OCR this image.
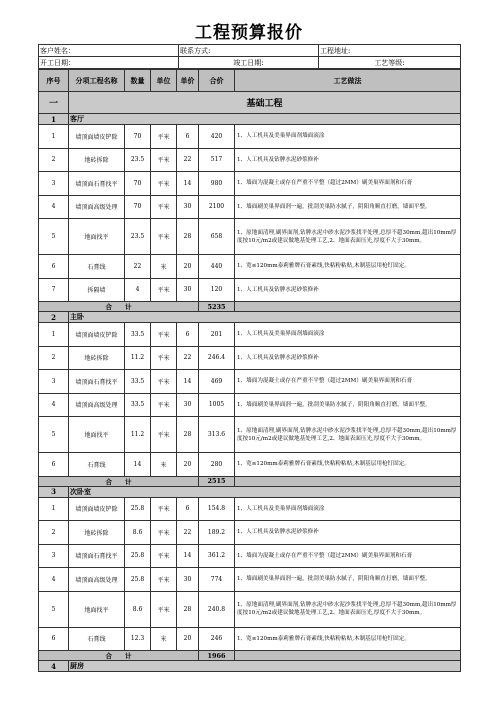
工程预算报价
客户姓名：	联系方式:	工程地址:
开工日期：	竣工日期:	工艺等级:
序号	分项工程名称	数量	单位	单价	合价	工艺做法
一	基础工程					
1	客厅					
1	墙顶面墙皮铲除	70	平米	6	420	1、人工机具及美巢界面剂墙面滚涂
2	地砖拆除	23.5	平米	22	517	1、人工机具及钻脾水泥砂浆修补
3	墙顶面石膏找平	70	平米	14	980	1、墙面为混凝土或存在严重不平整（超过2MM）刷美巢界面剂和石膏
4	墙顶面高级处理	70	平米	30	2100	1、墙面刷美巢界面剂一遍，批刮美巢防水腻子，阴阳角顺直打磨，墙面平整。
5	地面找平	23.5	平米	28	658	1、原地面清理,刷界面剂,钻脾水泥中砂水泥沙浆找平处理,总厚不超30mm,超出10mm厚度按10元/m2或建议做地基处理工艺,2、地面表面压光,厚度不大于30mm。
6	石膏线	22	米	20	440	1、宽≤120mm泰莉雅牌石膏素线,快粘粉粘贴,木制基层用枪钉固定。
7	拆隔墙	4	平米	30	120	1、人工机具及钻脾水泥砂浆修补
合　　计					5235	
2	主卧					
1	墙顶面墙皮铲除	33.5	平米	6	201	1、人工机具及美巢界面剂墙面滚涂
2	地砖拆除	11.2	平米	22	246.4	1、人工机具及钻脾水泥砂浆修补
3	墙顶面石膏找平	33.5	平米	14	469	1、墙面为混凝土或存在严重不平整（超过2MM）刷美巢界面剂和石膏
4	墙顶面高级处理	33.5	平米	30	1005	1、墙面刷美巢界面剂一遍，批刮美巢防水腻子，阴阳角顺直打磨，墙面平整。
5	地面找平	11.2	平米	28	313.6	1、原地面清理,刷界面剂,钻脾水泥中砂水泥沙浆找平处理,总厚不超30mm,超出10mm厚度按10元/m2或建议做地基处理工艺,2、地面表面压光,厚度不大于30mm。
6	石膏线	14	米	20	280	1、宽≤120mm泰莉雅牌石膏素线,快粘粉粘贴,木制基层用枪钉固定。
合　　计					2515	
3	次卧室					
1	墙顶面墙皮铲除	25.8	平米	6	154.8	1、人工机具及美巢界面剂墙面滚涂
2	地砖拆除	8.6	平米	22	189.2	1、人工机具及钻脾水泥砂浆修补
3	墙顶面石膏找平	25.8	平米	14	361.2	1、墙面为混凝土或存在严重不平整（超过2MM）刷美巢界面剂和石膏
4	墙顶面高级处理	25.8	平米	30	774	1、墙面刷美巢界面剂一遍，批刮美巢防水腻子，阴阳角顺直打磨，墙面平整。
5	地面找平	8.6	平米	28	240.8	1、原地面清理,刷界面剂,钻脾水泥中砂水泥沙浆找平处理,总厚不超30mm,超出10mm厚度按10元/m2或建议做地基处理工艺,2、地面表面压光,厚度不大于30mm。
6	石膏线	12.3	米	20	246	1、宽≤120mm泰莉雅牌石膏素线,快粘粉粘贴,木制基层用枪钉固定。
合　　计					1966	
4	厨房					
